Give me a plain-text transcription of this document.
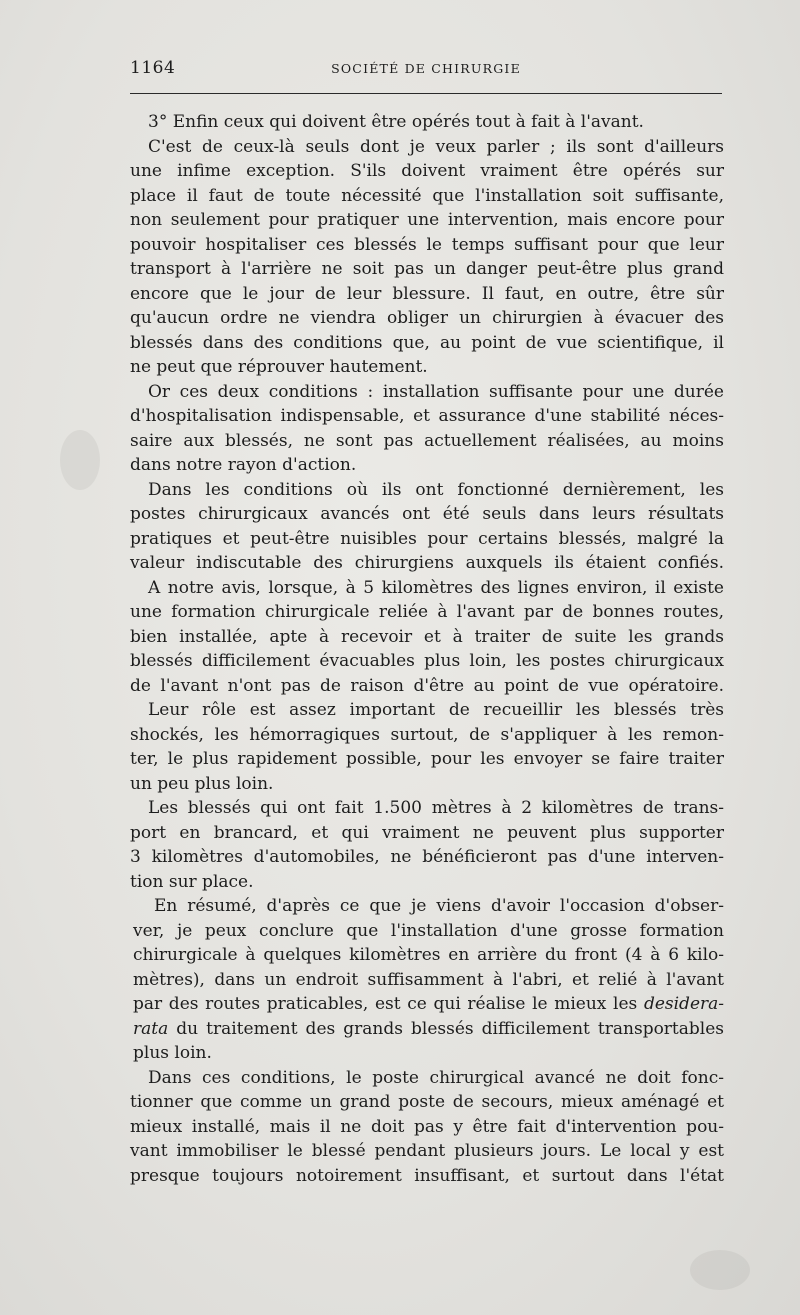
1164	SOCIÉTÉ DE CHIRURGIE
3° Enfin ceux qui doivent être opérés tout à fait à l'avant.
C'est de ceux-là seuls dont je veux parler ; ils sont d'ailleurs
une infime exception. S'ils doivent vraiment être opérés sur
place il faut de toute nécessité que l'installation soit suffisante,
non seulement pour pratiquer une intervention, mais encore pour
pouvoir hospitaliser ces blessés le temps suffisant pour que leur
transport à l'arrière ne soit pas un danger peut-être plus grand
encore que le jour de leur blessure. Il faut, en outre, être sûr
qu'aucun ordre ne viendra obliger un chirurgien à évacuer des
blessés dans des conditions que, au point de vue scientifique, il
ne peut que réprouver hautement.
Or ces deux conditions : installation suffisante pour une durée
d'hospitalisation indispensable, et assurance d'une stabilité néces-
saire aux blessés, ne sont pas actuellement réalisées, au moins
dans notre rayon d'action.
Dans les conditions où ils ont fonctionné dernièrement, les
postes chirurgicaux avancés ont été seuls dans leurs résultats
pratiques et peut-être nuisibles pour certains blessés, malgré la
valeur indiscutable des chirurgiens auxquels ils étaient confiés.
A notre avis, lorsque, à 5 kilomètres des lignes environ, il existe
une formation chirurgicale reliée à l'avant par de bonnes routes,
bien installée, apte à recevoir et à traiter de suite les grands
blessés difficilement évacuables plus loin, les postes chirurgicaux
de l'avant n'ont pas de raison d'être au point de vue opératoire.
Leur rôle est assez important de recueillir les blessés très
shockés, les hémorragiques surtout, de s'appliquer à les remon-
ter, le plus rapidement possible, pour les envoyer se faire traiter
un peu plus loin.
Les blessés qui ont fait 1.500 mètres à 2 kilomètres de trans-
port en brancard, et qui vraiment ne peuvent plus supporter
3 kilomètres d'automobiles, ne bénéficieront pas d'une interven-
tion sur place.
En résumé, d'après ce que je viens d'avoir l'occasion d'obser-
ver, je peux conclure que l'installation d'une grosse formation
chirurgicale à quelques kilomètres en arrière du front (4 à 6 kilo-
mètres), dans un endroit suffisamment à l'abri, et relié à l'avant
par des routes praticables, est ce qui réalise le mieux les desidera-
rata du traitement des grands blessés difficilement transportables
plus loin.
Dans ces conditions, le poste chirurgical avancé ne doit fonc-
tionner que comme un grand poste de secours, mieux aménagé et
mieux installé, mais il ne doit pas y être fait d'intervention pou-
vant immobiliser le blessé pendant plusieurs jours. Le local y est
presque toujours notoirement insuffisant, et surtout dans l'état
